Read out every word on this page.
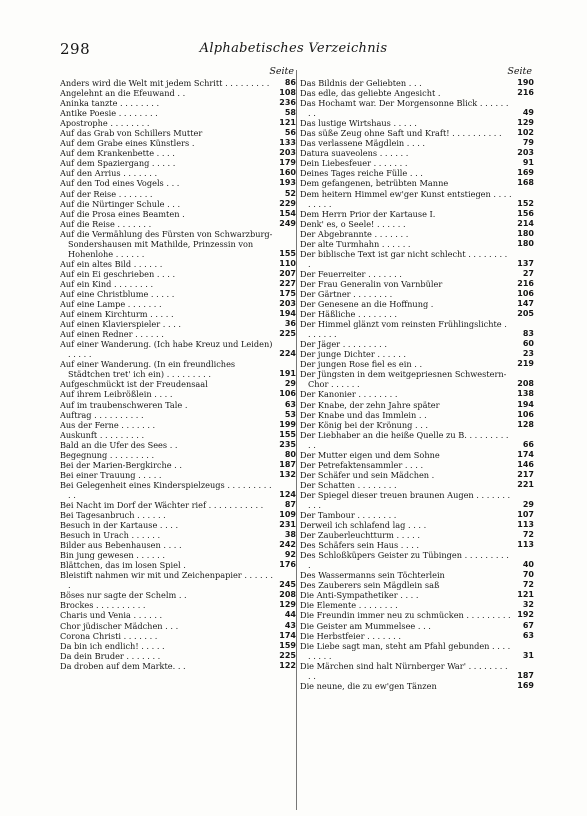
298	Alphabetisches Verzeichnis
Seite
Anders wird die Welt mit jedem Schritt . . . . . . . . .	86
Angelehnt an die Efeuwand . .	108
Aninka tanzte . . . . . . . .	236
Antike Poesie . . . . . . . .	58
Apostrophe . . . . . . . .	121
Auf das Grab von Schillers Mutter	56
Auf dem Grabe eines Künstlers .	133
Auf dem Krankenbette . . . .	203
Auf dem Spaziergang . . . . .	179
Auf den Arrius . . . . . . .	160
Auf den Tod eines Vogels . . .	193
Auf der Reise . . . . . . .	52
Auf die Nürtinger Schule . . .	229
Auf die Prosa eines Beamten .	154
Auf die Reise . . . . . . .	249
Auf die Vermählung des Fürsten von Schwarzburg-Sondershausen mit Mathilde, Prinzessin von Hohenlohe . . . . . .	155
Auf ein altes Bild . . . . . .	110
Auf ein Ei geschrieben . . . .	207
Auf ein Kind . . . . . . . .	227
Auf eine Christblume . . . . .	175
Auf eine Lampe . . . . . . .	203
Auf einem Kirchturm . . . . .	194
Auf einen Klavierspieler . . . .	36
Auf einen Redner . . . . . .	225
Auf einer Wanderung. (Ich habe Kreuz und Leiden) . . . . .	224
Auf einer Wanderung. (In ein freundliches Städtchen tret' ich ein) . . . . . . . . .	191
Aufgeschmückt ist der Freudensaal	29
Auf ihrem Leibrößlein . . . .	106
Auf im traubenschweren Tale .	63
Auftrag . . . . . . . . . .	53
Aus der Ferne . . . . . . .	199
Auskunft . . . . . . . . .	155
Bald an die Ufer des Sees . .	235
Begegnung . . . . . . . . .	80
Bei der Marien-Bergkirche . .	187
Bei einer Trauung . . . . .	132
Bei Gelegenheit eines Kinderspielzeugs . . . . . . . . . . .	124
Bei Nacht im Dorf der Wächter rief . . . . . . . . . . .	87
Bei Tagesanbruch . . . . . .	109
Besuch in der Kartause . . . .	231
Besuch in Urach . . . . . .	38
Bilder aus Bebenhausen . . . .	242
Bin jung gewesen . . . . . .	92
Blättchen, das im losen Spiel .	176
Bleistift nahmen wir mit und Zeichenpapier . . . . . . .	245
Böses nur sagte der Schelm . .	208
Brockes . . . . . . . . . .	129
Charis und Venia . . . . . .	44
Chor jüdischer Mädchen . . .	43
Corona Christi . . . . . . .	174
Da bin ich endlich! . . . . .	159
Da dein Bruder . . . . . . .	225
Da droben auf dem Markte. . .	122
Seite
Das Bildnis der Geliebten . . .	190
Das edle, das geliebte Angesicht .	216
Das Hochamt war. Der Morgensonne Blick . . . . . . . .	49
Das lustige Wirtshaus . . . . .	129
Das süße Zeug ohne Saft und Kraft! . . . . . . . . . .	102
Das verlassene Mägdlein . . . .	79
Datura suaveolens . . . . . .	203
Dein Liebesfeuer . . . . . . .	91
Deines Tages reiche Fülle . . .	169
Dem gefangenen, betrübten Manne	168
Dem heitern Himmel ew'ger Kunst entstiegen . . . . . . . . .	152
Dem Herrn Prior der Kartause I.	156
Denk' es, o Seele! . . . . . .	214
Der Abgebrannte . . . . . . .	180
Der alte Turmhahn . . . . . .	180
Der biblische Text ist gar nicht schlecht . . . . . . . . .	137
Der Feuerreiter . . . . . . .	27
Der Frau Generalin von Varnbüler	216
Der Gärtner . . . . . . . .	106
Der Genesene an die Hoffnung .	147
Der Häßliche . . . . . . . .	205
Der Himmel glänzt vom reinsten Frühlingslichte . . . . . . .	83
Der Jäger . . . . . . . . .	60
Der junge Dichter . . . . . .	23
Der jungen Rose fiel es ein . .	219
Der Jüngsten in dem weitgepriesnen Schwestern-Chor . . . . . .	208
Der Kanonier . . . . . . . .	138
Der Knabe, der zehn Jahre später	194
Der Knabe und das Immlein . .	106
Der König bei der Krönung . . .	128
Der Liebhaber an die heiße Quelle zu B. . . . . . . . . . .	66
Der Mutter eigen und dem Sohne	174
Der Petrefaktensammler . . . .	146
Der Schäfer und sein Mädchen .	217
Der Schatten . . . . . . . .	221
Der Spiegel dieser treuen braunen Augen . . . . . . . . . .	29
Der Tambour . . . . . . . .	107
Derweil ich schlafend lag . . . .	113
Der Zauberleuchtturm . . . . .	72
Des Schäfers sein Haus . . . .	113
Des Schloßküpers Geister zu Tübingen . . . . . . . . . .	40
Des Wassermanns sein Töchterlein	70
Des Zauberers sein Mägdlein saß	72
Die Anti-Sympathetiker . . . .	121
Die Elemente . . . . . . . .	32
Die Freundin immer neu zu schmücken . . . . . . . . . 192
Die Geister am Mummelsee . . .	67
Die Herbstfeier . . . . . . .	63
Die Liebe sagt man, steht am Pfahl gebunden . . . . . . . . .	31
Die Märchen sind halt Nürnberger War' . . . . . . . . . .	187
Die neune, die zu ew'gen Tänzen	169
